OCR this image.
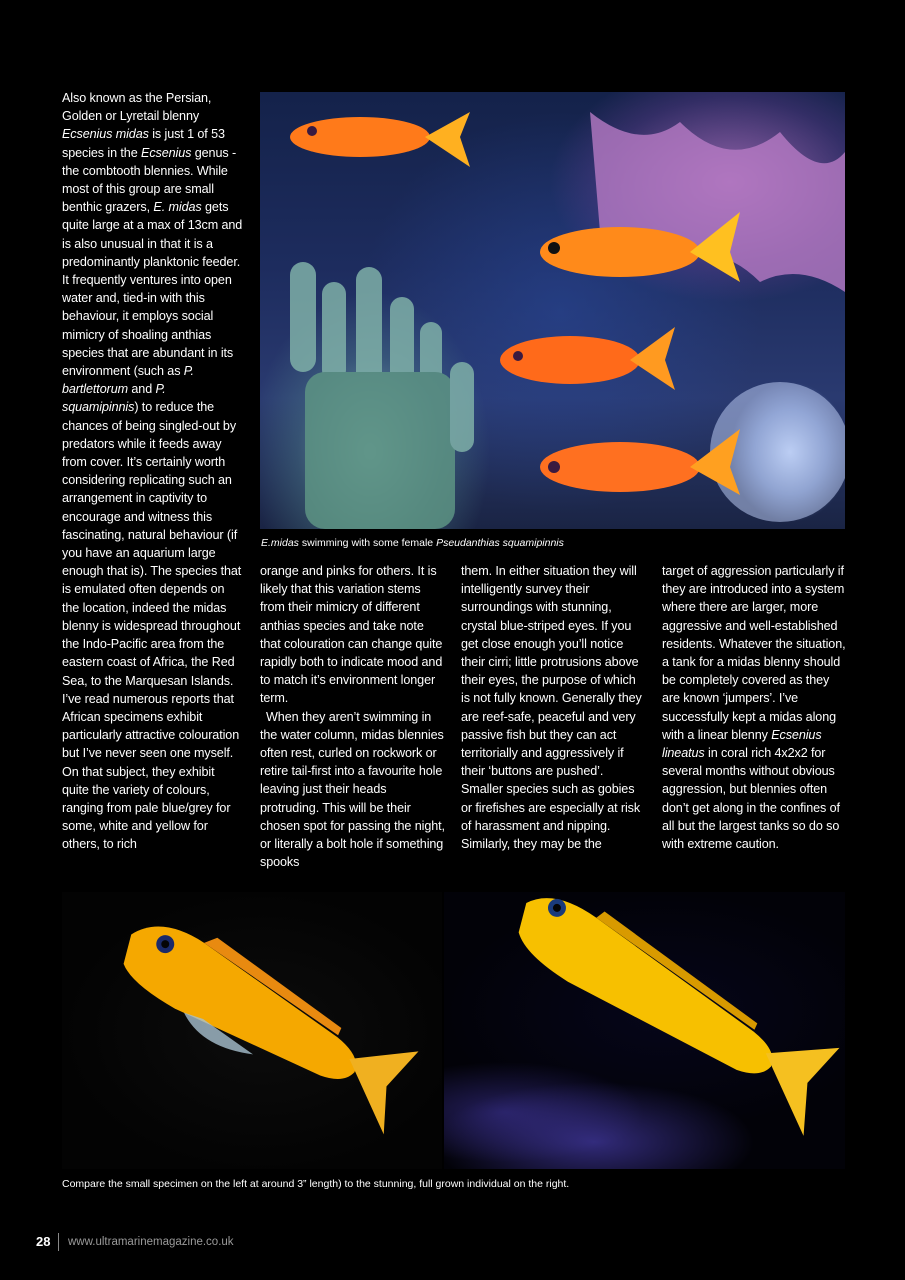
Also known as the Persian, Golden or Lyretail blenny Ecsenius midas is just 1 of 53 species in the Ecsenius genus - the combtooth blennies. While most of this group are small benthic grazers, E. midas gets quite large at a max of 13cm and is also unusual in that it is a predominantly planktonic feeder. It frequently ventures into open water and, tied-in with this behaviour, it employs social mimicry of shoaling anthias species that are abundant in its environment (such as P. bartlettorum and P. squamipinnis) to reduce the chances of being singled-out by predators while it feeds away from cover. It’s certainly worth considering replicating such an arrangement in captivity to encourage and witness this fascinating, natural behaviour (if you have an aquarium large enough that is). The species that is emulated often depends on the location, indeed the midas blenny is widespread throughout the Indo-Pacific area from the eastern coast of Africa, the Red Sea, to the Marquesan Islands. I’ve read numerous reports that African specimens exhibit particularly attractive colouration but I’ve never seen one myself. On that subject, they exhibit quite the variety of colours, ranging from pale blue/grey for some, white and yellow for others, to rich

orange and pinks for others. It is likely that this variation stems from their mimicry of different anthias species and take note that colouration can change quite rapidly both to indicate mood and to match it’s environment longer term.

When they aren’t swimming in the water column, midas blennies often rest, curled on rockwork or retire tail-first into a favourite hole leaving just their heads protruding. This will be their chosen spot for passing the night, or literally a bolt hole if something spooks

them. In either situation they will intelligently survey their surroundings with stunning, crystal blue-striped eyes. If you get close enough you’ll notice their cirri; little protrusions above their eyes, the purpose of which is not fully known. Generally they are reef-safe, peaceful and very passive fish but they can act territorially and aggressively if their ‘buttons are pushed’. Smaller species such as gobies or firefishes are especially at risk of harassment and nipping. Similarly, they may be the

target of aggression particularly if they are introduced into a system where there are larger, more aggressive and well-established residents. Whatever the situation, a tank for a midas blenny should be completely covered as they are known ‘jumpers’. I’ve successfully kept a midas along with a linear blenny Ecsenius lineatus in coral rich 4x2x2 for several months without obvious aggression, but blennies often don’t get along in the confines of all but the largest tanks so do so with extreme caution.

E.midas swimming with some female Pseudanthias squamipinnis
Compare the small specimen on the left at around 3” length) to the stunning, full grown individual on the right.
28 www.ultramarinemagazine.co.uk
